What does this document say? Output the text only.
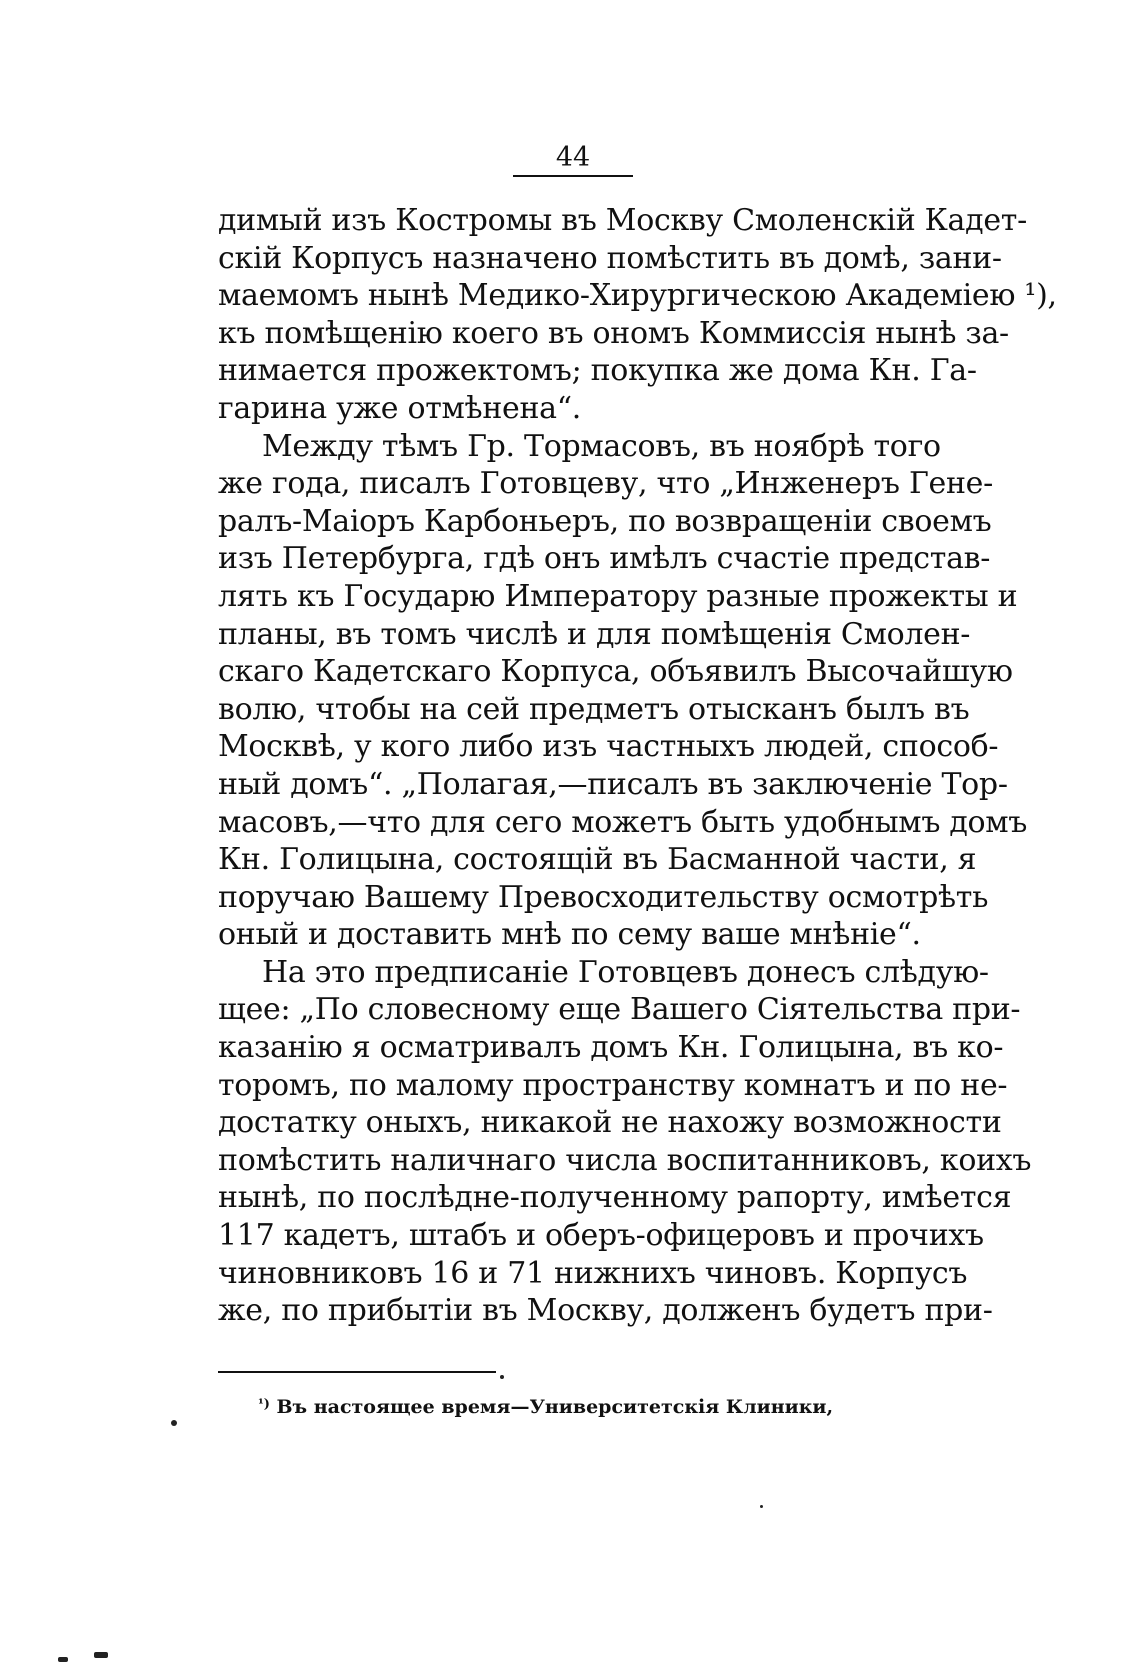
44
димый изъ Костромы въ Москву Смоленскій Кадет-
скій Корпусъ назначено помѣстить въ домѣ, зани-
маемомъ нынѣ Медико-Хирургическою Академіею ¹),
къ помѣщенію коего въ ономъ Коммиссія нынѣ за-
нимается прожектомъ; покупка же дома Кн. Га-
гарина уже отмѣнена“.
Между тѣмъ Гр. Тормасовъ, въ ноябрѣ того
же года, писалъ Готовцеву, что „Инженеръ Гене-
ралъ-Маіоръ Карбоньеръ, по возвращеніи своемъ
изъ Петербурга, гдѣ онъ имѣлъ счастіе представ-
лять къ Государю Императору разные прожекты и
планы, въ томъ числѣ и для помѣщенія Смолен-
скаго Кадетскаго Корпуса, объявилъ Высочайшую
волю, чтобы на сей предметъ отысканъ былъ въ
Москвѣ, у кого либо изъ частныхъ людей, способ-
ный домъ“. „Полагая,—писалъ въ заключеніе Тор-
масовъ,—что для сего можетъ быть удобнымъ домъ
Кн. Голицына, состоящій въ Басманной части, я
поручаю Вашему Превосходительству осмотрѣть
оный и доставить мнѣ по сему ваше мнѣніе“.
На это предписаніе Готовцевъ донесъ слѣдую-
щее: „По словесному еще Вашего Сіятельства при-
казанію я осматривалъ домъ Кн. Голицына, въ ко-
торомъ, по малому пространству комнатъ и по не-
достатку оныхъ, никакой не нахожу возможности
помѣстить наличнаго числа воспитанниковъ, коихъ
нынѣ, по послѣдне-полученному рапорту, имѣется
117 кадетъ, штабъ и оберъ-офицеровъ и прочихъ
чиновниковъ 16 и 71 нижнихъ чиновъ. Корпусъ
же, по прибытіи въ Москву, долженъ будетъ при-
$^{^1)}$ Въ настоящее время—Университетскія Клиники,
